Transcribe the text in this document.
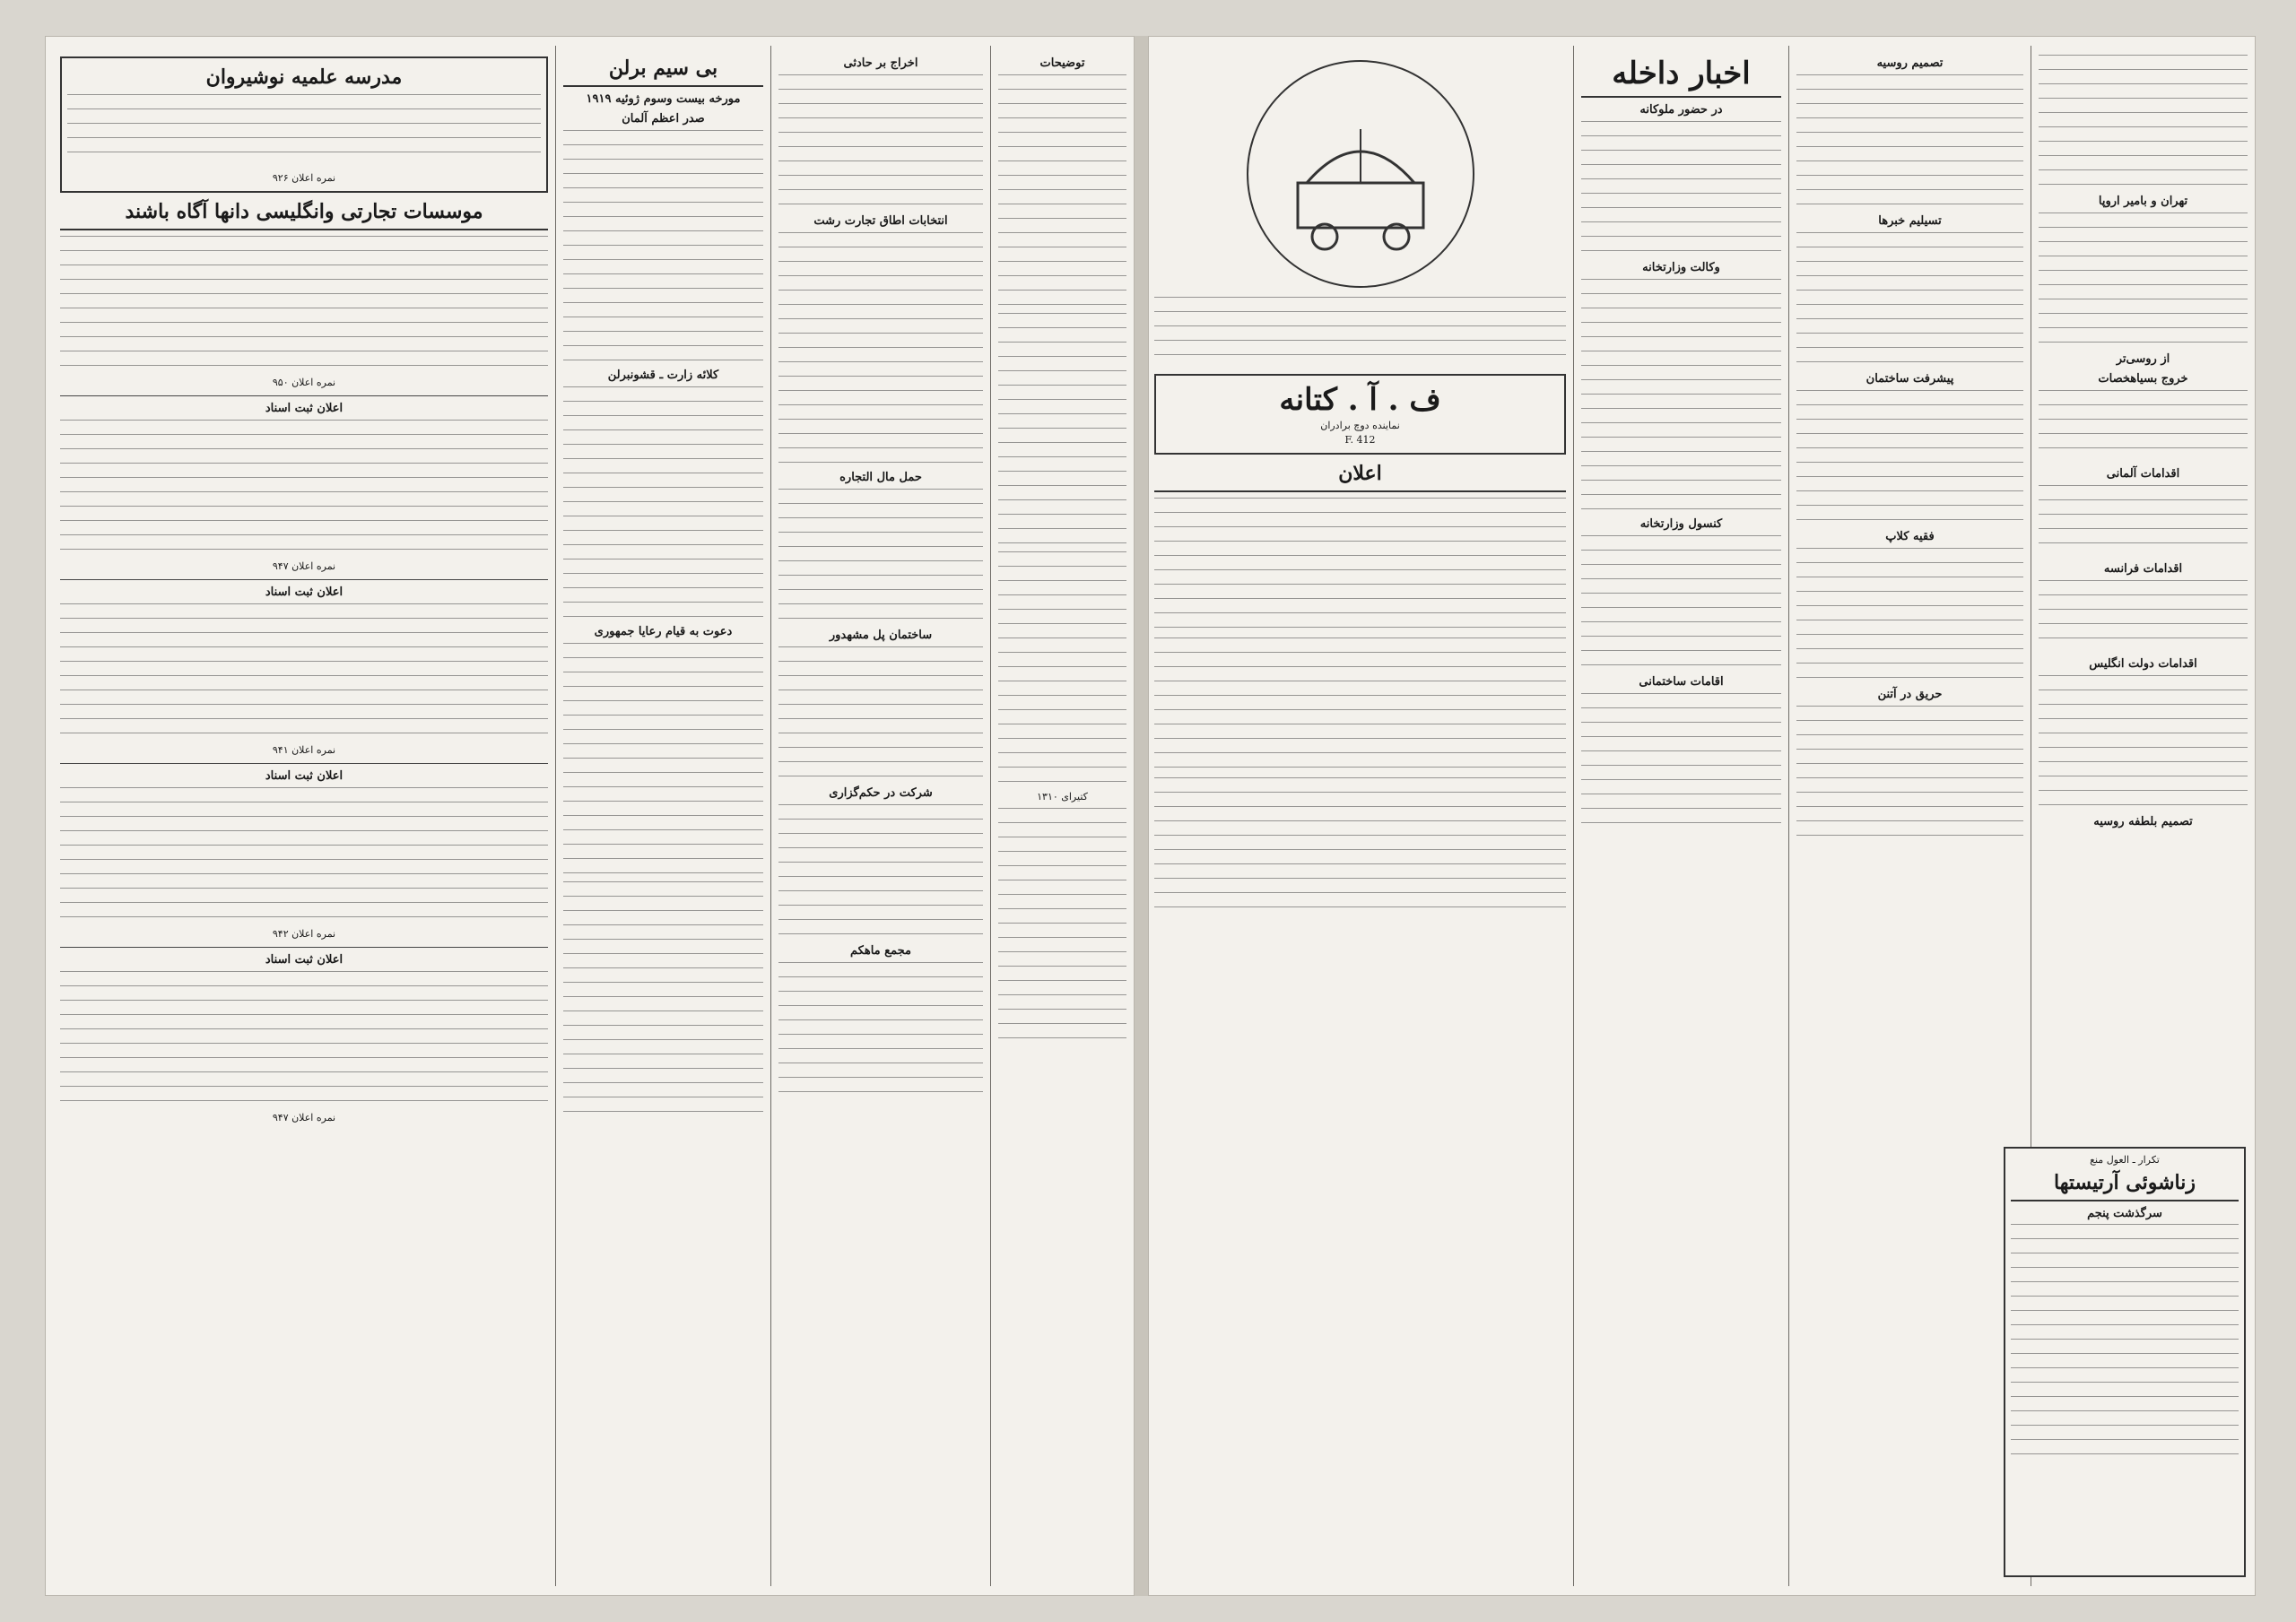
توضیحات
کتیرای ۱۳۱۰
اخراج بر حادثی
انتخابات اطاق تجارت رشت
حمل مال التجاره
ساختمان پل مشهدور
شرکت در حکم‌گزاری
مجمع ماهکم
بی سیم برلن
مورخه بیست وسوم ژوئیه ۱۹۱۹
صدر اعظم آلمان
کلائه زارت ـ قشونبرلن
دعوت به قیام رعایا جمهوری
مدرسه علمیه نوشیروان
نمره اعلان ۹۲۶
موسسات تجارتی وانگلیسی دانها آگاه باشند
نمره اعلان ۹۵۰
اعلان ثبت اسناد
نمره اعلان ۹۴۷
اعلان ثبت اسناد
نمره اعلان ۹۴۱
اعلان ثبت اسناد
نمره اعلان ۹۴۲
اعلان ثبت اسناد
نمره اعلان ۹۴۷
تهران و بامیر اروپا
از روسی‌تر
خروج بسیاهخصات
اقدامات آلمانی
اقدامات فرانسه
اقدامات دولت انگلیس
تصمیم بلطفه روسیه
تصمیم روسیه
تسیلیم خبرها
پیشرفت ساختمان
فقیه کلاپ
حریق در آتنن
اخبار داخله
در حضور ملوکانه
وکالت وزارتخانه
کنسول وزارتخانه
اقامات ساختمانی
ف . آ . کتانه
نماینده دوچ برادران
F. 412
اعلان
تکرار ـ العول منع
زناشوئی آرتیستها
سرگذشت پنجم
